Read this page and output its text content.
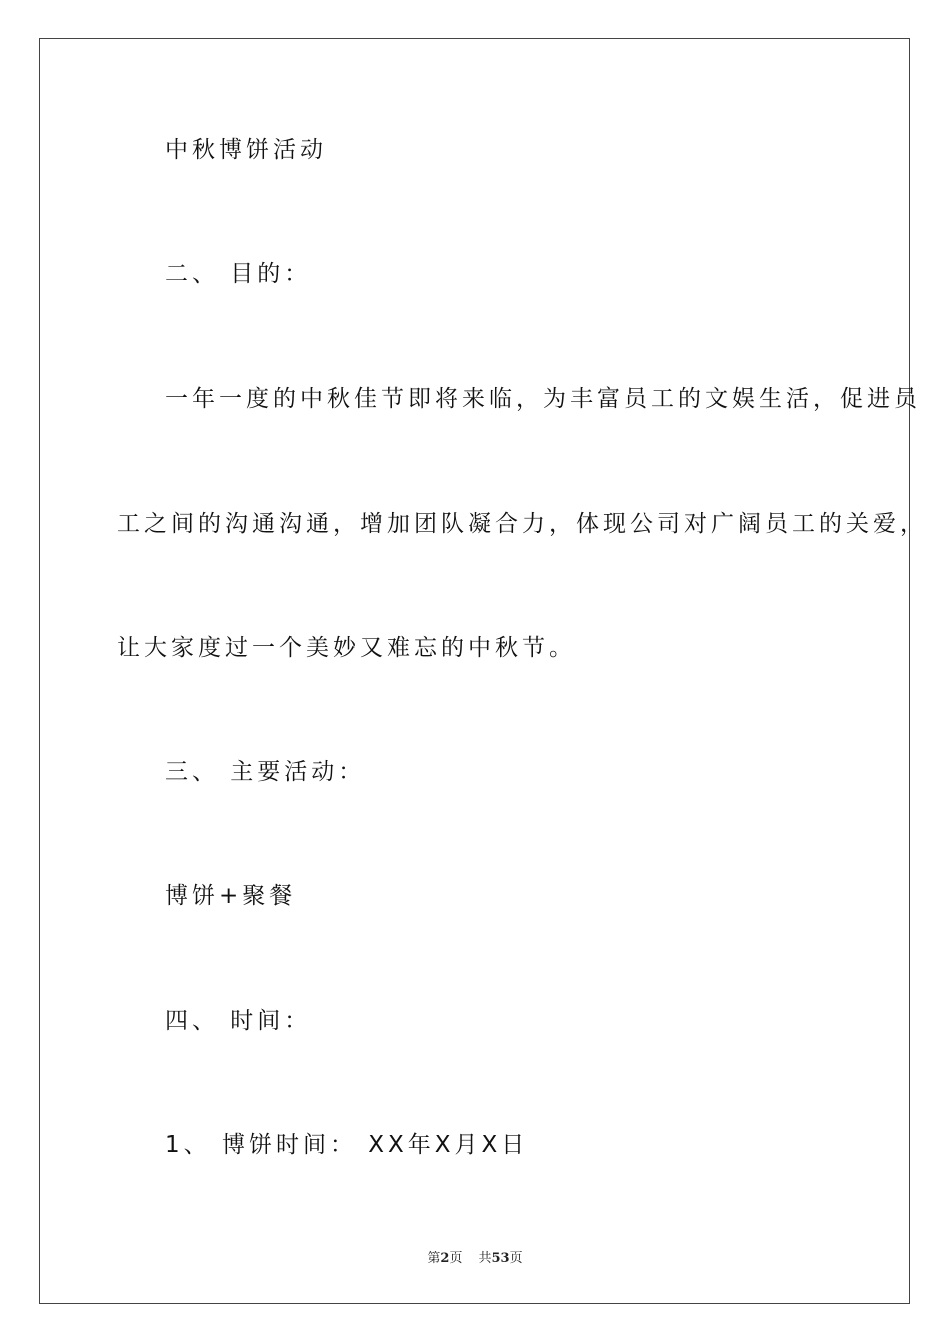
中秋博饼活动
二、 目的：
一年一度的中秋佳节即将来临，为丰富员工的文娱生活，促进员
工之间的沟通沟通，增加团队凝合力，体现公司对广阔员工的关爱，
让大家度过一个美妙又难忘的中秋节。
三、 主要活动：
博饼+聚餐
四、 时间：
1、 博饼时间： XX年X月X日
第2页 共53页
